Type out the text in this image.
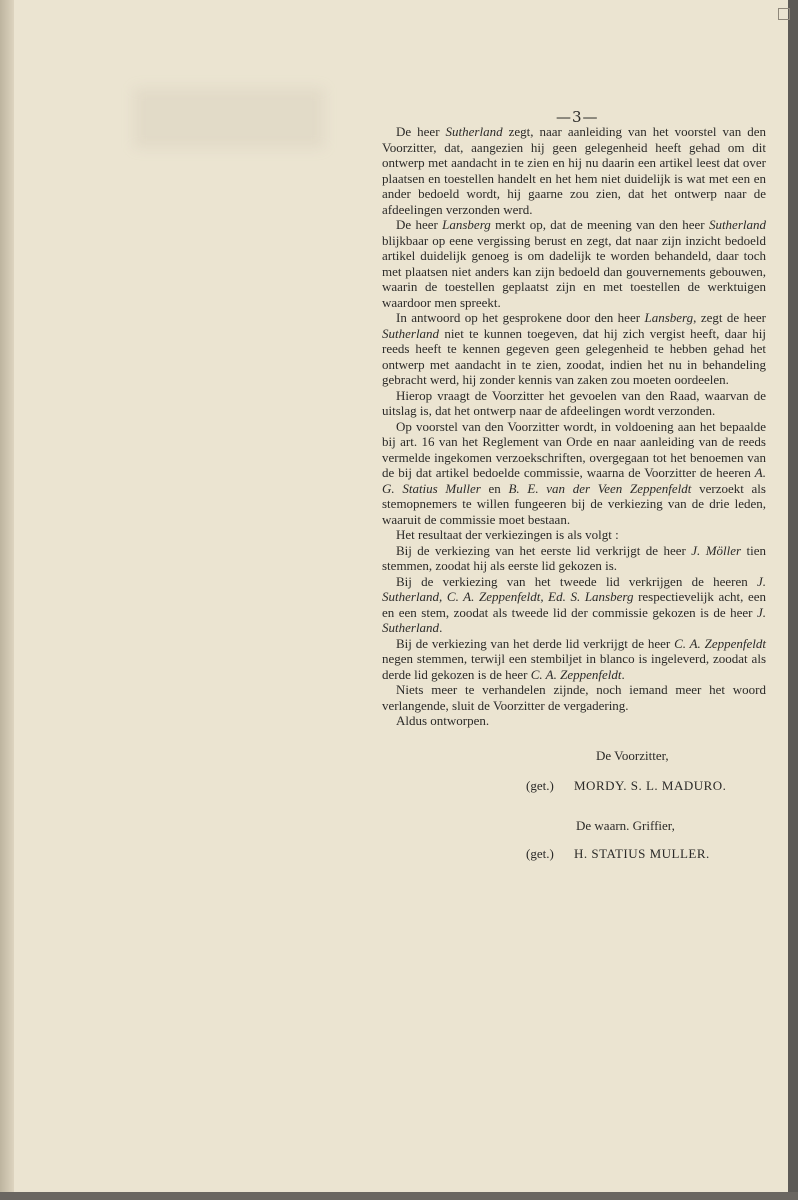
—3—

De heer Sutherland zegt, naar aanleiding van het voorstel van den Voorzitter, dat, aangezien hij geen gelegenheid heeft gehad om dit ontwerp met aandacht in te zien en hij nu daarin een artikel leest dat over plaatsen en toestellen handelt en het hem niet duidelijk is wat met een en ander bedoeld wordt, hij gaarne zou zien, dat het ontwerp naar de afdeelingen verzonden werd.

De heer Lansberg merkt op, dat de meening van den heer Sutherland blijkbaar op eene vergissing berust en zegt, dat naar zijn inzicht bedoeld artikel duidelijk genoeg is om dadelijk te worden behandeld, daar toch met plaatsen niet anders kan zijn bedoeld dan gouvernements gebouwen, waarin de toestellen geplaatst zijn en met toestellen de werktuigen waardoor men spreekt.

In antwoord op het gesprokene door den heer Lansberg, zegt de heer Sutherland niet te kunnen toegeven, dat hij zich vergist heeft, daar hij reeds heeft te kennen gegeven geen gelegenheid te hebben gehad het ontwerp met aandacht in te zien, zoodat, indien het nu in behandeling gebracht werd, hij zonder kennis van zaken zou moeten oordeelen.

Hierop vraagt de Voorzitter het gevoelen van den Raad, waarvan de uitslag is, dat het ontwerp naar de afdeelingen wordt verzonden.

Op voorstel van den Voorzitter wordt, in voldoening aan het bepaalde bij art. 16 van het Reglement van Orde en naar aanleiding van de reeds vermelde ingekomen verzoekschriften, overgegaan tot het benoemen van de bij dat artikel bedoelde commissie, waarna de Voorzitter de heeren A. G. Statius Muller en B. E. van der Veen Zeppenfeldt verzoekt als stemopnemers te willen fungeeren bij de verkiezing van de drie leden, waaruit de commissie moet bestaan.

Het resultaat der verkiezingen is als volgt :

Bij de verkiezing van het eerste lid verkrijgt de heer J. Möller tien stemmen, zoodat hij als eerste lid gekozen is.

Bij de verkiezing van het tweede lid verkrijgen de heeren J. Sutherland, C. A. Zeppenfeldt, Ed. S. Lansberg respectievelijk acht, een en een stem, zoodat als tweede lid der commissie gekozen is de heer J. Sutherland.

Bij de verkiezing van het derde lid verkrijgt de heer C. A. Zeppenfeldt negen stemmen, terwijl een stembiljet in blanco is ingeleverd, zoodat als derde lid gekozen is de heer C. A. Zeppenfeldt.

Niets meer te verhandelen zijnde, noch iemand meer het woord verlangende, sluit de Voorzitter de vergadering.

Aldus ontworpen.

De Voorzitter,
(get.) MORDY. S. L. MADURO.
De waarn. Griffier,
(get.) H. STATIUS MULLER.
